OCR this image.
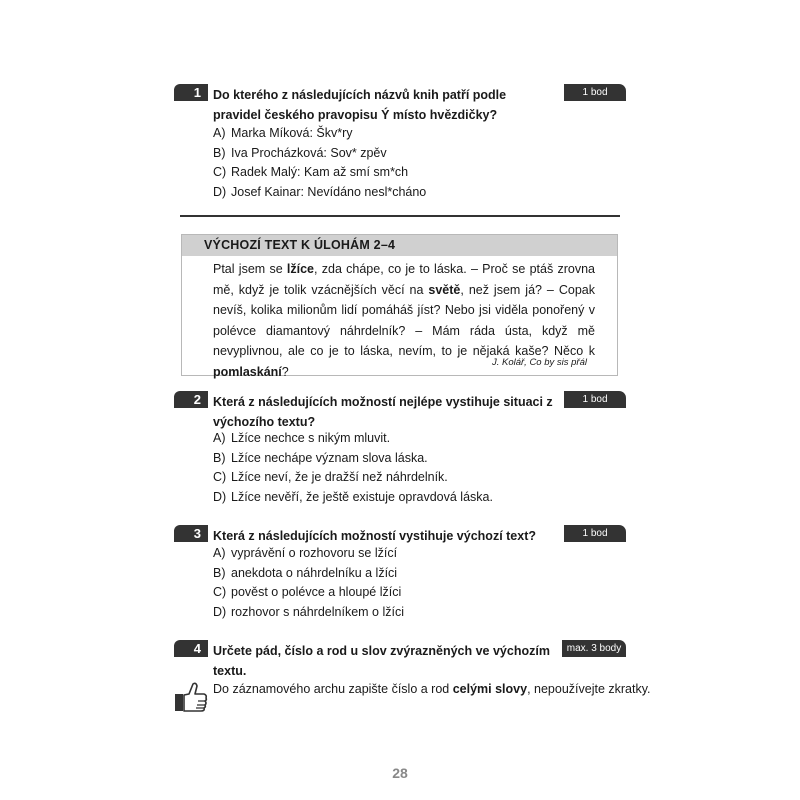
1	1 bod
Do kterého z následujících názvů knih patří podle pravidel českého pravopisu Ý místo hvězdičky?
A) Marka Míková: Škv*ry
B) Iva Procházková: Sov* zpěv
C) Radek Malý: Kam až smí sm*ch
D) Josef Kainar: Nevídáno nesl*cháno
VÝCHOZÍ TEXT K ÚLOHÁM 2–4
Ptal jsem se lžíce, zda chápe, co je to láska. – Proč se ptáš zrovna mě, když je tolik vzácnějších věcí na světě, než jsem já? – Copak nevíš, kolika milionům lidí pomáháš jíst? Nebo jsi viděla ponořený v polévce diamantový náhrdelník? – Mám ráda ústa, když mě nevyplivnou, ale co je to láska, nevím, to je nějaká kaše? Něco k pomlaskání?
J. Kolář, Co by sis přál
2	1 bod
Která z následujících možností nejlépe vystihuje situaci z výchozího textu?
A) Lžíce nechce s nikým mluvit.
B) Lžíce nechápe význam slova láska.
C) Lžíce neví, že je dražší než náhrdelník.
D) Lžíce nevěří, že ještě existuje opravdová láska.
3	1 bod
Která z následujících možností vystihuje výchozí text?
A) vyprávění o rozhovoru se lžící
B) anekdota o náhrdelníku a lžíci
C) pověst o polévce a hloupé lžíci
D) rozhovor s náhrdelníkem o lžíci
4	max. 3 body
Určete pád, číslo a rod u slov zvýrazněných ve výchozím textu.
Do záznamového archu zapište číslo a rod celými slovy, nepoužívejte zkratky.
28
